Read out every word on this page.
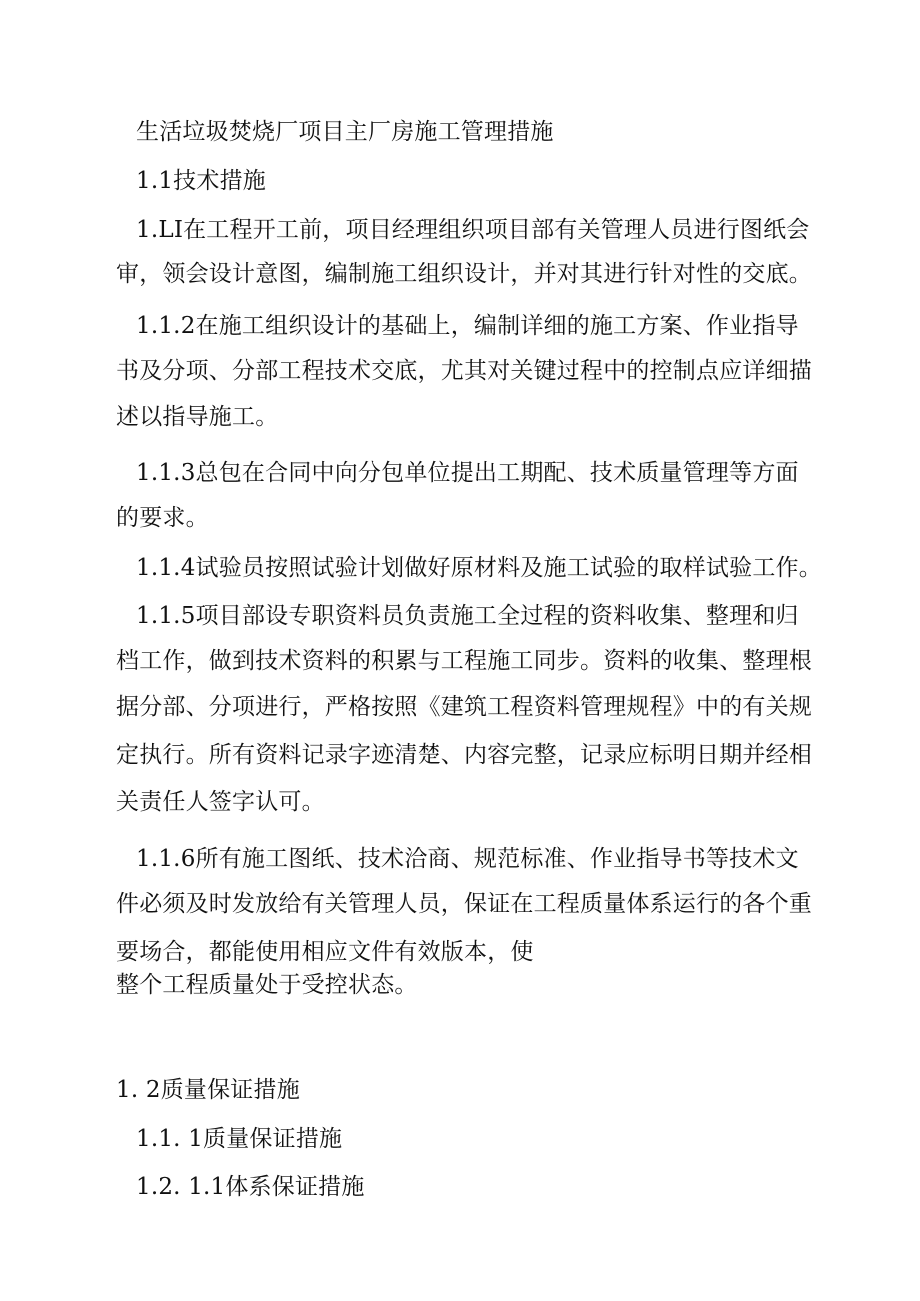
生活垃圾焚烧厂项目主厂房施工管理措施

1.1技术措施

1.LI在工程开工前，项目经理组织项目部有关管理人员进行图纸会

审，领会设计意图，编制施工组织设计，并对其进行针对性的交底。

1.1.2在施工组织设计的基础上，编制详细的施工方案、作业指导

书及分项、分部工程技术交底，尤其对关键过程中的控制点应详细描

述以指导施工。

1.1.3总包在合同中向分包单位提出工期配、技术质量管理等方面

的要求。

1.1.4试验员按照试验计划做好原材料及施工试验的取样试验工作。

1.1.5项目部设专职资料员负责施工全过程的资料收集、整理和归

档工作，做到技术资料的积累与工程施工同步。资料的收集、整理根

据分部、分项进行，严格按照《建筑工程资料管理规程》中的有关规

定执行。所有资料记录字迹清楚、内容完整，记录应标明日期并经相

关责任人签字认可。

1.1.6所有施工图纸、技术洽商、规范标准、作业指导书等技术文

件必须及时发放给有关管理人员，保证在工程质量体系运行的各个重

要场合，都能使用相应文件有效版本，使

整个工程质量处于受控状态。

1. 2质量保证措施

1.1. 1质量保证措施

1.2. 1.1体系保证措施
